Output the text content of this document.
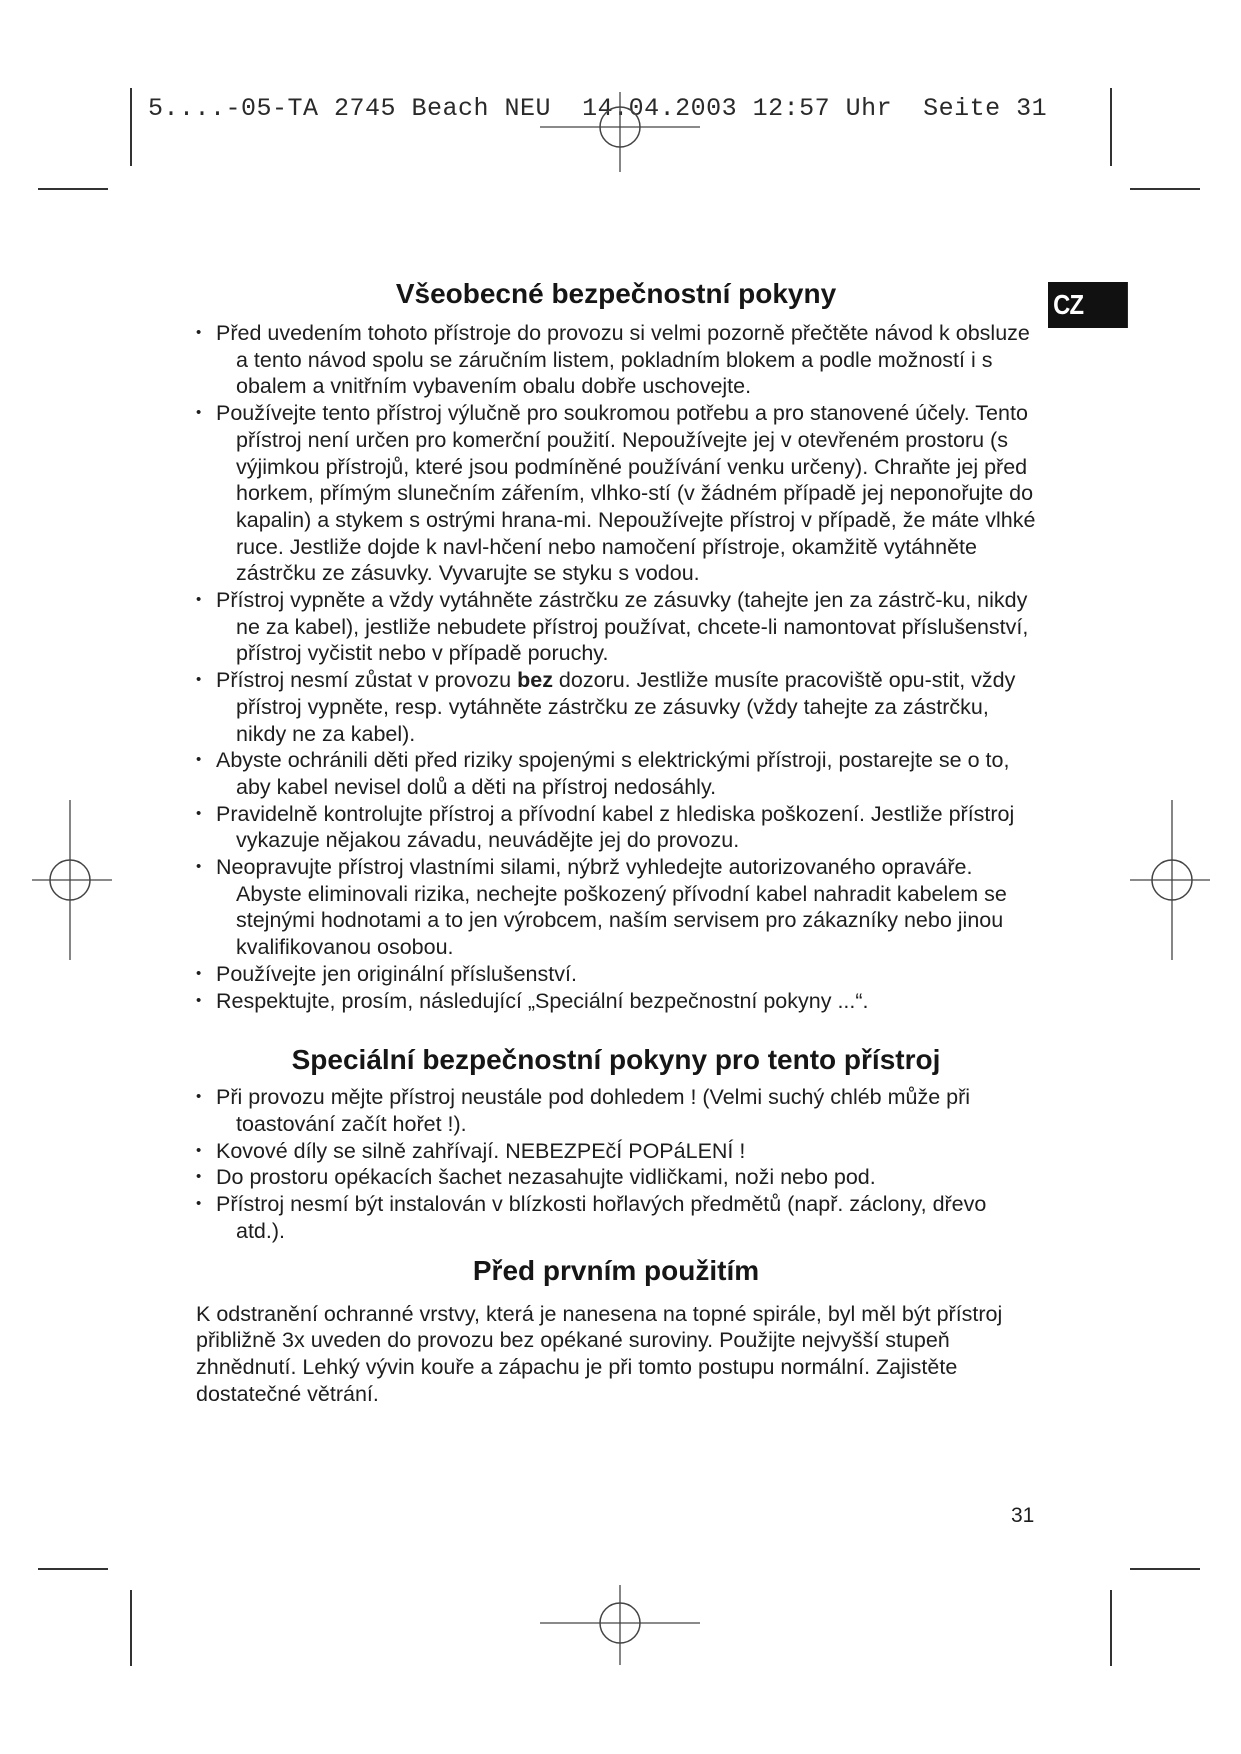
5....-05-TA 2745 Beach NEU  14.04.2003 12:57 Uhr  Seite 31
CZ
Všeobecné bezpečnostní pokyny
• Před uvedením tohoto přístroje do provozu si velmi pozorně přečtěte návod k obsluze a tento návod spolu se záručním listem, pokladním blokem a podle možností i s obalem a vnitřním vybavením obalu dobře uschovejte.
• Používejte tento přístroj výlučně pro soukromou potřebu a pro stanovené účely. Tento přístroj není určen pro komerční použití. Nepoužívejte jej v otevřeném prostoru (s výjimkou přístrojů, které jsou podmíněné používání venku určeny). Chraňte jej před horkem, přímým slunečním zářením, vlhko-stí (v žádném případě jej neponořujte do kapalin) a stykem s ostrými hrana-mi. Nepoužívejte přístroj v případě, že máte vlhké ruce. Jestliže dojde k navl-hčení nebo namočení přístroje, okamžitě vytáhněte zástrčku ze zásuvky. Vyvarujte se styku s vodou.
• Přístroj vypněte a vždy vytáhněte zástrčku ze zásuvky (tahejte jen za zástrč-ku, nikdy ne za kabel), jestliže nebudete přístroj používat, chcete-li namontovat příslušenství, přístroj vyčistit nebo v případě poruchy.
• Přístroj nesmí zůstat v provozu bez dozoru. Jestliže musíte pracoviště opu-stit, vždy přístroj vypněte, resp. vytáhněte zástrčku ze zásuvky (vždy tahejte za zástrčku, nikdy ne za kabel).
• Abyste ochránili děti před riziky spojenými s elektrickými přístroji, postarejte se o to, aby kabel nevisel dolů a děti na přístroj nedosáhly.
• Pravidelně kontrolujte přístroj a přívodní kabel z hlediska poškození. Jestliže přístroj vykazuje nějakou závadu, neuvádějte jej do provozu.
• Neopravujte přístroj vlastními silami, nýbrž vyhledejte autorizovaného opraváře. Abyste eliminovali rizika, nechejte poškozený přívodní kabel nahradit kabelem se stejnými hodnotami a to jen výrobcem, naším servisem pro zákazníky nebo jinou kvalifikovanou osobou.
• Používejte jen originální příslušenství.
• Respektujte, prosím, následující „Speciální bezpečnostní pokyny ...“.
Speciální bezpečnostní pokyny pro tento přístroj
• Při provozu mějte přístroj neustále pod dohledem ! (Velmi suchý chléb může při toastování začít hořet !).
• Kovové díly se silně zahřívají. NEBEZPEčÍ POPáLENÍ !
• Do prostoru opékacích šachet nezasahujte vidličkami, noži nebo pod.
• Přístroj nesmí být instalován v blízkosti hořlavých předmětů (např. záclony, dřevo atd.).
Před prvním použitím

K odstranění ochranné vrstvy, která je nanesena na topné spirále, byl měl být přístroj přibližně 3x uveden do provozu bez opékané suroviny. Použijte nejvyšší stupeň zhnědnutí. Lehký vývin kouře a zápachu je při tomto postupu normální. Zajistěte dostatečné větrání.

31
